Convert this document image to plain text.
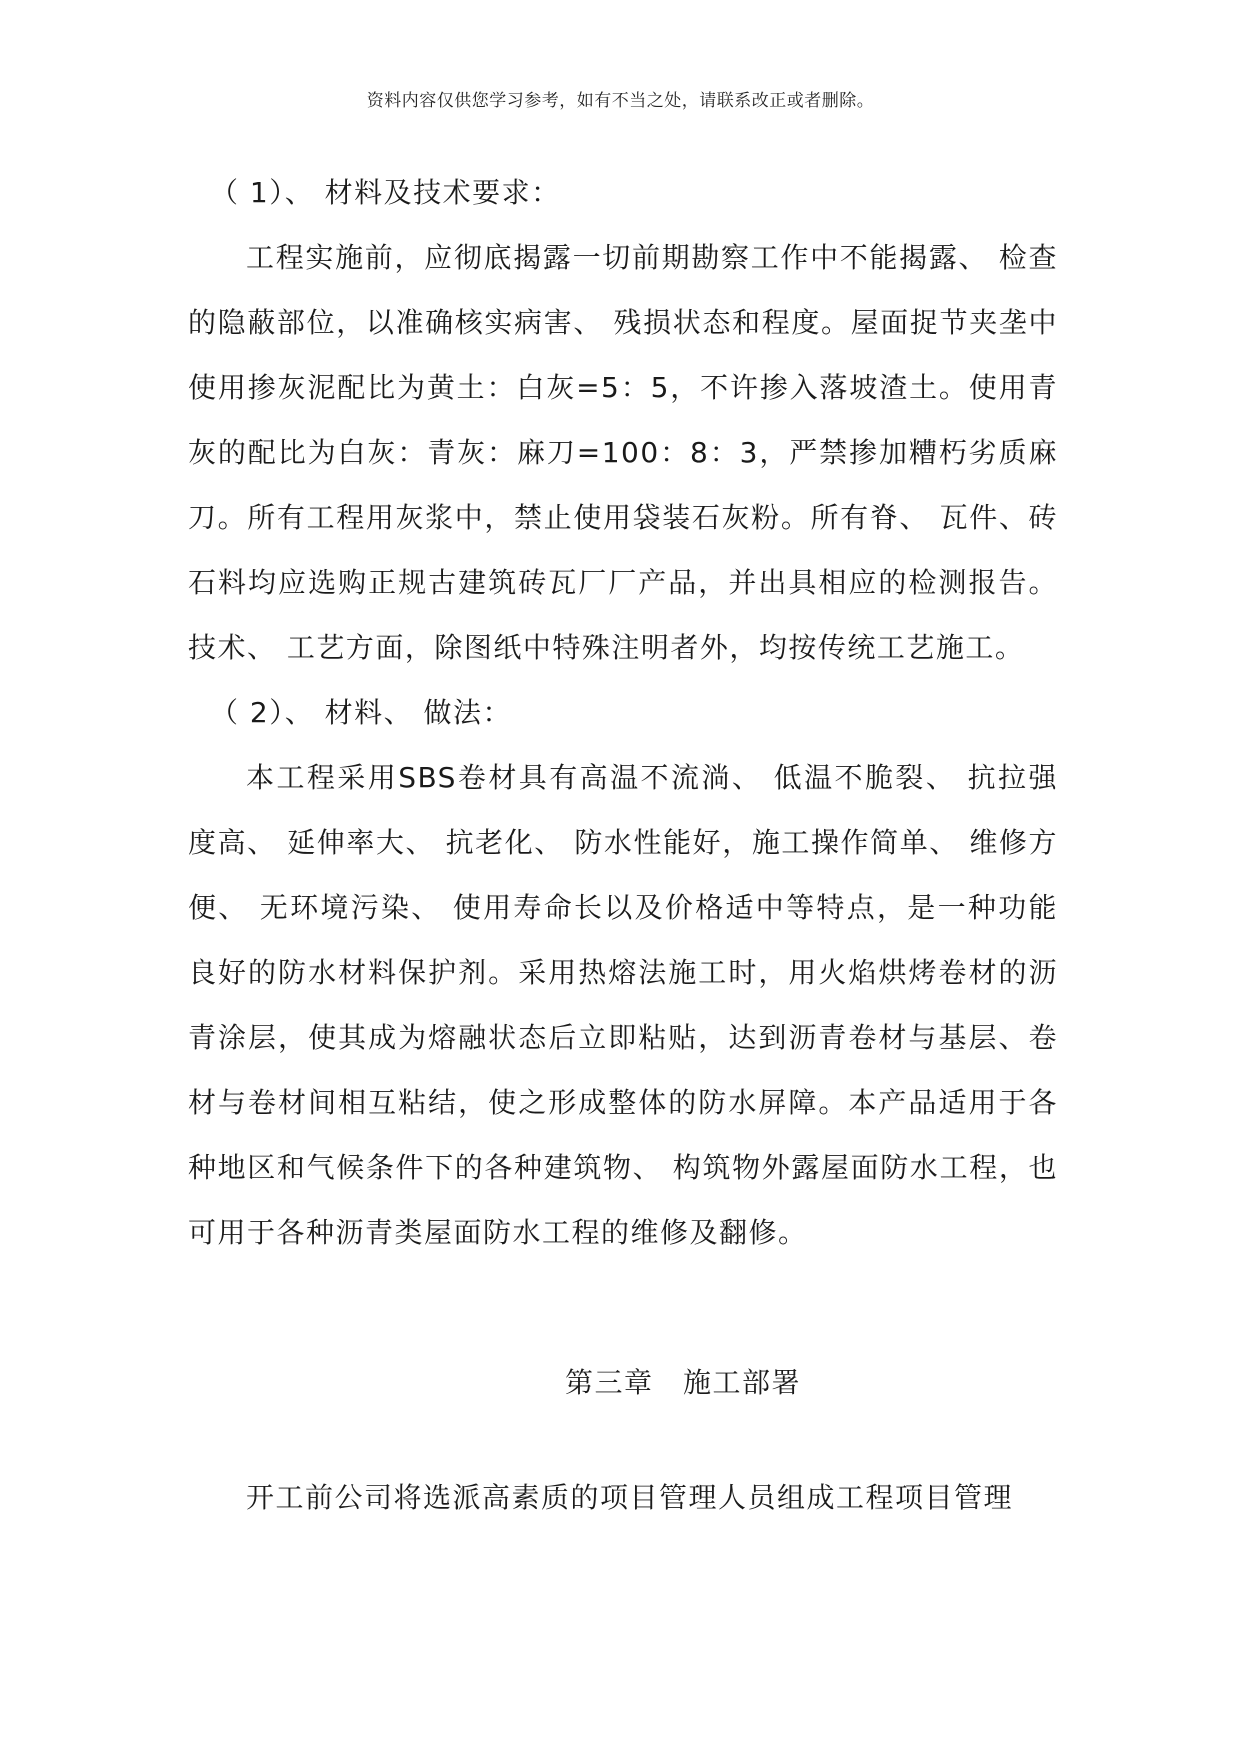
资料内容仅供您学习参考，如有不当之处，请联系改正或者删除。
（ 1）、 材料及技术要求：
工程实施前，应彻底揭露一切前期勘察工作中不能揭露、 检查的隐蔽部位，以准确核实病害、 残损状态和程度。屋面捉节夹垄中使用掺灰泥配比为黄土：白灰=5：5，不许掺入落坡渣土。使用青灰的配比为白灰：青灰：麻刀=100：8：3，严禁掺加糟朽劣质麻刀。所有工程用灰浆中，禁止使用袋装石灰粉。所有脊、 瓦件、砖石料均应选购正规古建筑砖瓦厂厂产品，并出具相应的检测报告。技术、 工艺方面，除图纸中特殊注明者外，均按传统工艺施工。
（ 2）、 材料、 做法：
本工程采用SBS卷材具有高温不流淌、 低温不脆裂、 抗拉强度高、 延伸率大、 抗老化、 防水性能好，施工操作简单、 维修方便、 无环境污染、 使用寿命长以及价格适中等特点，是一种功能良好的防水材料保护剂。采用热熔法施工时，用火焰烘烤卷材的沥青涂层，使其成为熔融状态后立即粘贴，达到沥青卷材与基层、卷材与卷材间相互粘结，使之形成整体的防水屏障。本产品适用于各种地区和气候条件下的各种建筑物、 构筑物外露屋面防水工程，也可用于各种沥青类屋面防水工程的维修及翻修。
第三章　施工部署
开工前公司将选派高素质的项目管理人员组成工程项目管理
